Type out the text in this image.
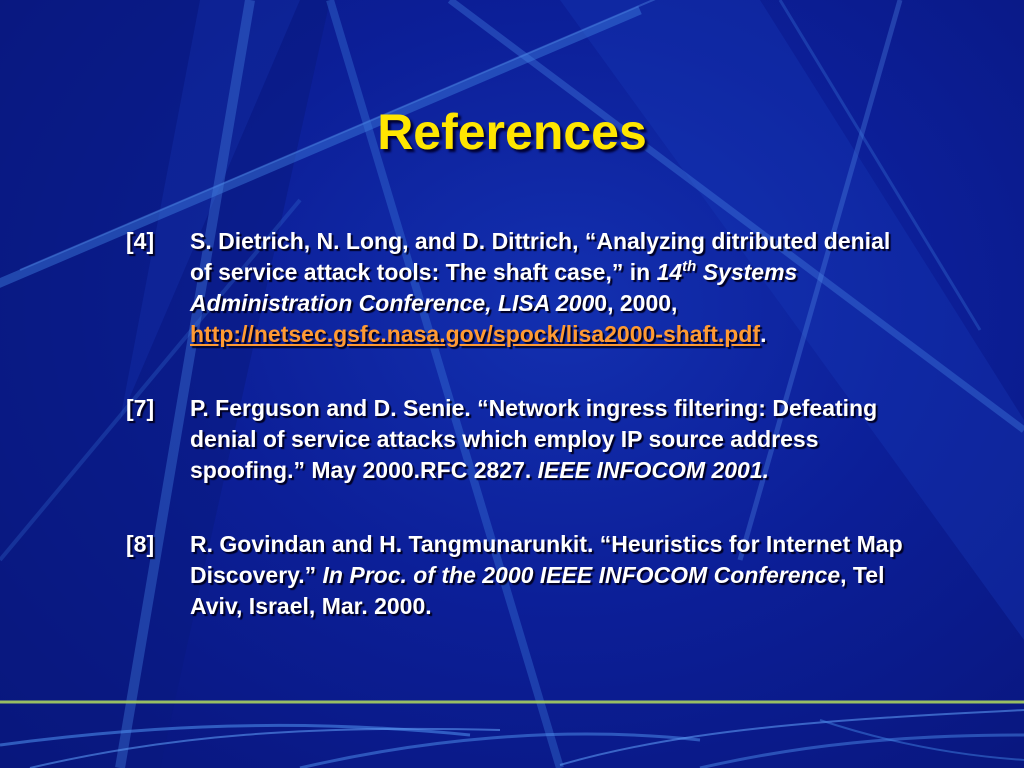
References
[4]	S. Dietrich, N. Long, and D. Dittrich, “Analyzing ditributed denial of service attack tools: The shaft case,” in 14th Systems Administration Conference, LISA 2000, 2000,
http://netsec.gsfc.nasa.gov/spock/lisa2000-shaft.pdf.
[7]	P. Ferguson and D. Senie. “Network ingress filtering: Defeating denial of service attacks which employ IP source address spoofing.” May 2000.RFC 2827. IEEE INFOCOM 2001.
[8]	R. Govindan and H. Tangmunarunkit. “Heuristics for Internet Map Discovery.” In Proc. of the 2000 IEEE INFOCOM Conference, Tel Aviv, Israel, Mar. 2000.
